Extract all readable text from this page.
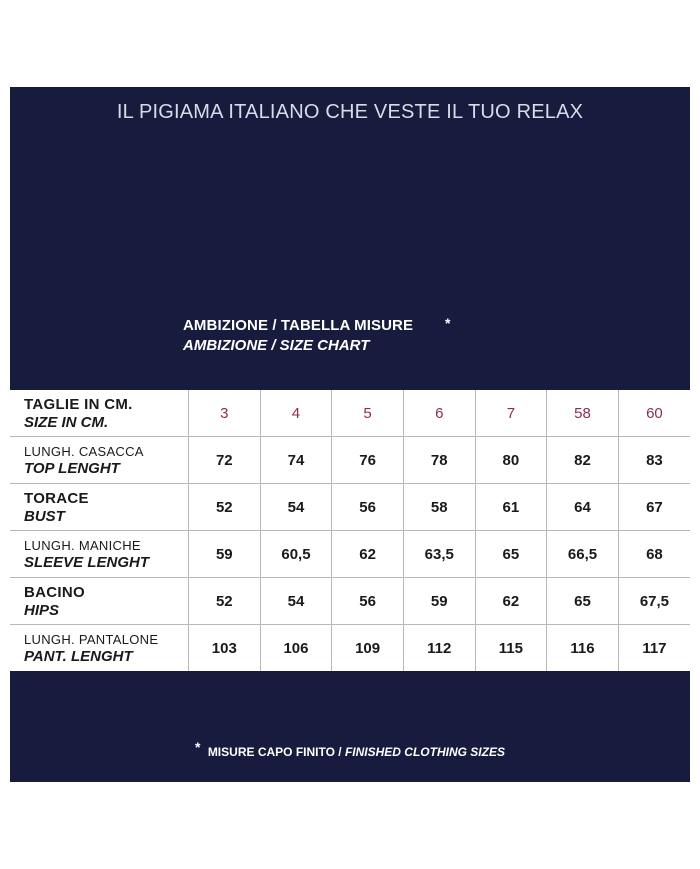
IL PIGIAMA ITALIANO CHE VESTE IL TUO RELAX
AMBIZIONE / TABELLA MISURE
AMBIZIONE / SIZE CHART
*
TAGLIE IN CM.
SIZE IN CM.	3	4	5	6	7	58	60

LUNGH. CASACCA
TOP LENGHT	72	74	76	78	80	82	83

TORACE
BUST	52	54	56	58	61	64	67

LUNGH. MANICHE
SLEEVE LENGHT	59	60,5	62	63,5	65	66,5	68

BACINO
HIPS	52	54	56	59	62	65	67,5

LUNGH. PANTALONE
PANT. LENGHT	103	106	109	112	115	116	117
* MISURE CAPO FINITO / FINISHED CLOTHING SIZES
